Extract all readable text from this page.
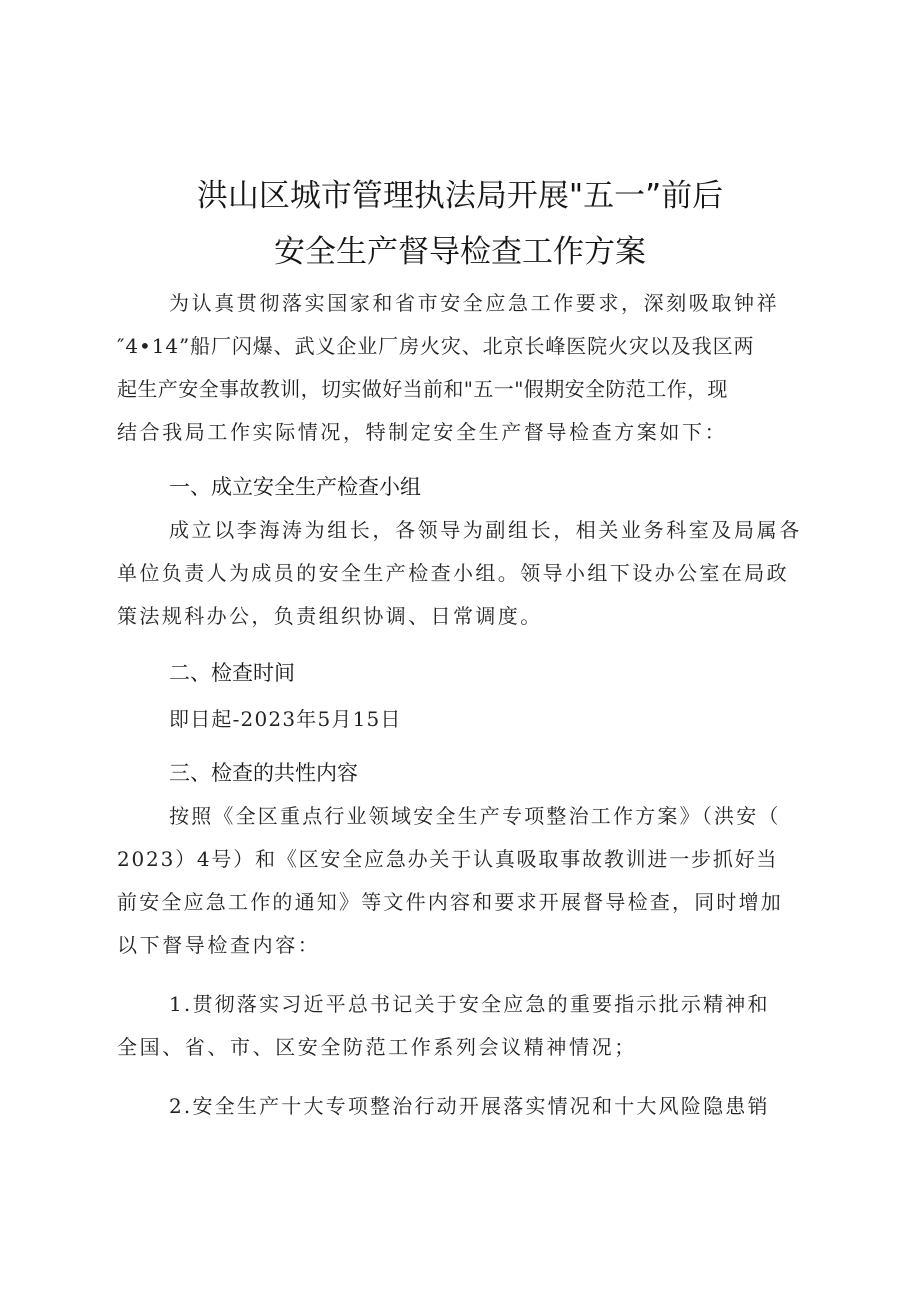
洪山区城市管理执法局开展"五一”前后
安全生产督导检查工作方案
为认真贯彻落实国家和省市安全应急工作要求，深刻吸取钟祥
″4•14”船厂闪爆、武义企业厂房火灾、北京长峰医院火灾以及我区两
起生产安全事故教训，切实做好当前和"五一"假期安全防范工作，现
结合我局工作实际情况，特制定安全生产督导检查方案如下：
一、成立安全生产检查小组
成立以李海涛为组长，各领导为副组长，相关业务科室及局属各
单位负责人为成员的安全生产检查小组。领导小组下设办公室在局政
策法规科办公，负责组织协调、日常调度。
二、检查时间
即日起-2023年5月15日
三、检查的共性内容
按照《全区重点行业领域安全生产专项整治工作方案》（洪安（
2023）4号）和《区安全应急办关于认真吸取事故教训进一步抓好当
前安全应急工作的通知》等文件内容和要求开展督导检查，同时增加
以下督导检查内容：
1.贯彻落实习近平总书记关于安全应急的重要指示批示精神和
全国、省、市、区安全防范工作系列会议精神情况；
2.安全生产十大专项整治行动开展落实情况和十大风险隐患销
